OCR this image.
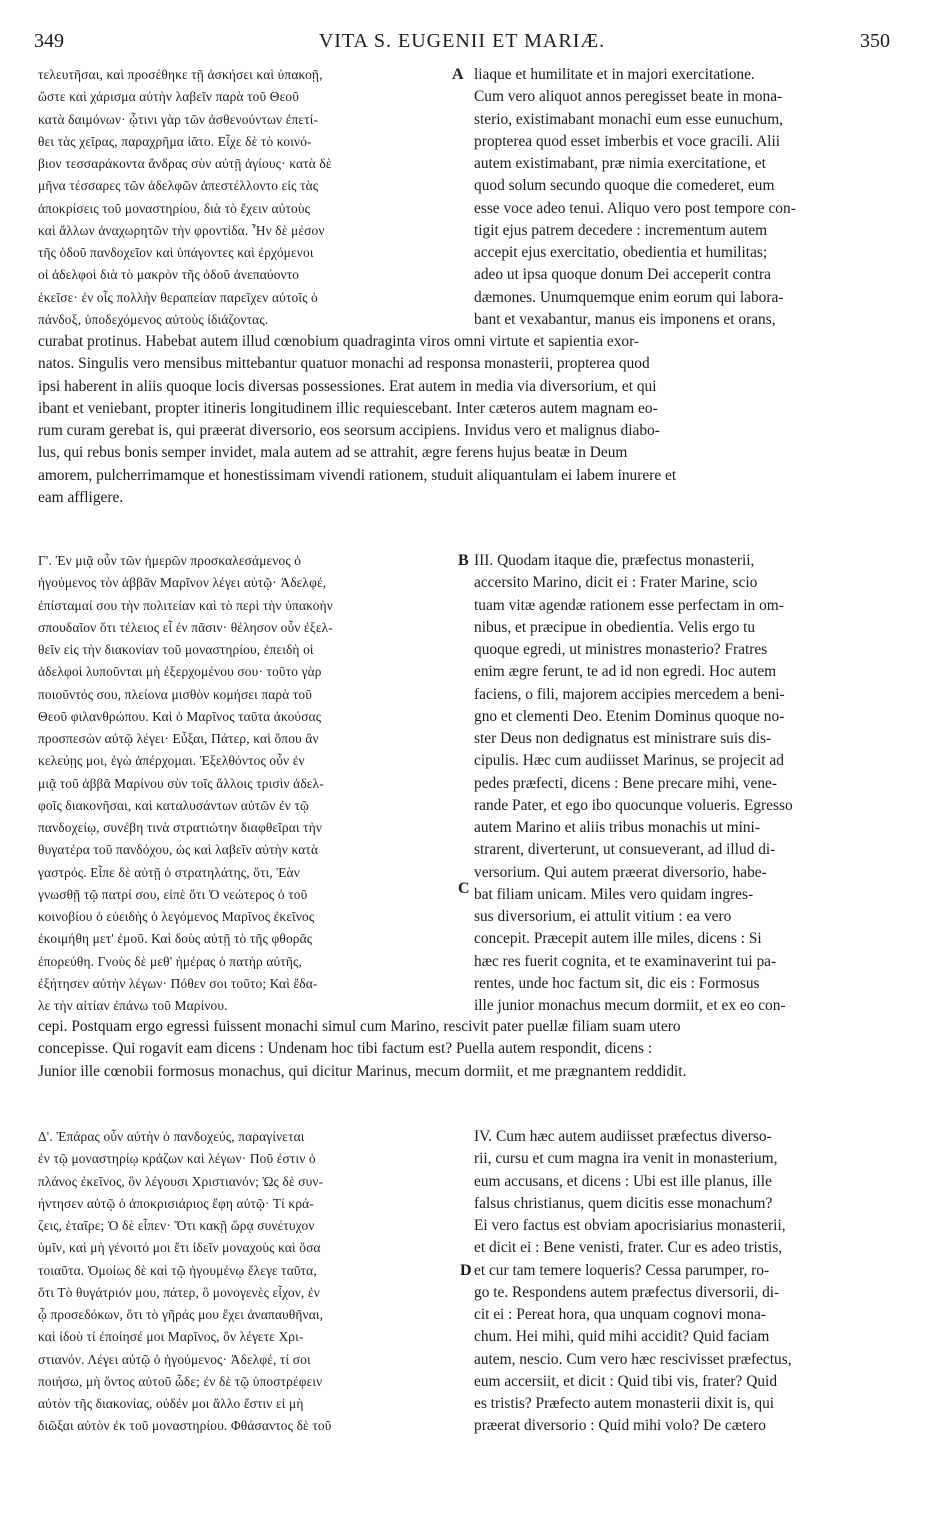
349	VITA S. EUGENII ET MARIÆ.	350
τελευτῆσαι, καὶ προσέθηκε τῇ ἀσκήσει καὶ ὑπακοῇ,
ὥστε καὶ χάρισμα αὐτὴν λαβεῖν παρὰ τοῦ Θεοῦ
κατὰ δαιμόνων· ᾧτινι γὰρ τῶν ἀσθενούντων ἐπετί-
θει τὰς χεῖρας, παραχρῆμα ἰᾶτο. Εἶχε δὲ τὸ κοινό-
βιον τεσσαράκοντα ἄνδρας σὺν αὐτῇ ἁγίους· κατὰ δὲ
μῆνα τέσσαρες τῶν ἀδελφῶν ἀπεστέλλοντο εἰς τὰς
ἀποκρίσεις τοῦ μοναστηρίου, διὰ τὸ ἔχειν αὐτοὺς
καὶ ἄλλων ἀναχωρητῶν τὴν φροντίδα. Ἦν δὲ μέσον
τῆς ὁδοῦ πανδοχεῖον καὶ ὑπάγοντες καὶ ἐρχόμενοι
οἱ ἀδελφοὶ διὰ τὸ μακρὸν τῆς ὁδοῦ ἀνεπαύοντο
ἐκεῖσε· ἐν οἷς πολλὴν θεραπείαν παρεῖχεν αὐτοῖς ὁ
πάνδοξ, ὑποδεχόμενος αὐτοὺς ἰδιάζοντας.
liaque et humilitate et in majori exercitatione.
Cum vero aliquot annos peregisset beate in mona-
sterio, existimabant monachi eum esse eunuchum,
propterea quod esset imberbis et voce gracili. Alii
autem existimabant, præ nimia exercitatione, et
quod solum secundo quoque die comederet, eum
esse voce adeo tenui. Aliquo vero post tempore con-
tigit ejus patrem decedere : incrementum autem
accepit ejus exercitatio, obedientia et humilitas;
adeo ut ipsa quoque donum Dei acceperit contra
dæmones. Unumquemque enim eorum qui labora-
bant et vexabantur, manus eis imponens et orans,
A
curabat protinus. Habebat autem illud cœnobium quadraginta viros omni virtute et sapientia exor-
natos. Singulis vero mensibus mittebantur quatuor monachi ad responsa monasterii, propterea quod
ipsi haberent in aliis quoque locis diversas possessiones. Erat autem in media via diversorium, et qui
ibant et veniebant, propter itineris longitudinem illic requiescebant. Inter cæteros autem magnam eo-
rum curam gerebat is, qui præerat diversorio, eos seorsum accipiens. Invidus vero et malignus diabo-
lus, qui rebus bonis semper invidet, mala autem ad se attrahit, ægre ferens hujus beatæ in Deum
amorem, pulcherrimamque et honestissimam vivendi rationem, studuit aliquantulam ei labem inurere et
eam affligere.
Γ'. Ἐν μιᾷ οὖν τῶν ἡμερῶν προσκαλεσάμενος ὁ
ἡγούμενος τὸν ἀββᾶν Μαρῖνον λέγει αὐτῷ· Ἀδελφέ,
ἐπίσταμαί σου τὴν πολιτείαν καὶ τὸ περὶ τὴν ὑπακοὴν
σπουδαῖον ὅτι τέλειος εἶ ἐν πᾶσιν· θέλησον οὖν ἐξελ-
θεῖν εἰς τὴν διακονίαν τοῦ μοναστηρίου, ἐπειδὴ οἱ
ἀδελφοὶ λυποῦνται μὴ ἐξερχομένου σου· τοῦτο γὰρ
ποιοῦντός σου, πλείονα μισθὸν κομήσει παρὰ τοῦ
Θεοῦ φιλανθρώπου. Καὶ ὁ Μαρῖνος ταῦτα ἀκούσας
προσπεσὼν αὐτῷ λέγει· Εὖξαι, Πάτερ, καὶ ὅπου ἂν
κελεύῃς μοι, ἐγὼ ἀπέρχομαι. Ἐξελθόντος οὖν ἐν
μιᾷ τοῦ ἀββᾶ Μαρίνου σὺν τοῖς ἄλλοις τρισὶν ἀδελ-
φοῖς διακονῆσαι, καὶ καταλυσάντων αὐτῶν ἐν τῷ
πανδοχείῳ, συνέβη τινὰ στρατιώτην διαφθεῖραι τὴν
θυγατέρα τοῦ πανδόχου, ὡς καὶ λαβεῖν αὐτὴν κατὰ
γαστρός. Εἶπε δὲ αὐτῇ ὁ στρατηλάτης, ὅτι, Ἐὰν
γνωσθῇ τῷ πατρί σου, εἰπὲ ὅτι Ὁ νεώτερος ὁ τοῦ
κοινοβίου ὁ εὐειδὴς ὁ λεγόμενος Μαρῖνος ἐκεῖνος
ἐκοιμήθη μετ' ἐμοῦ. Καὶ δοὺς αὐτῇ τὸ τῆς φθορᾶς
ἐπορεύθη. Γνοὺς δὲ μεθ' ἡμέρας ὁ πατὴρ αὐτῆς,
ἐξήτησεν αὐτὴν λέγων· Πόθεν σοι τοῦτο; Καὶ ἔδα-
λε τὴν αἰτίαν ἐπάνω τοῦ Μαρίνου.
III. Quodam itaque die, præfectus monasterii,
accersito Marino, dicit ei : Frater Marine, scio
tuam vitæ agendæ rationem esse perfectam in om-
nibus, et præcipue in obedientia. Velis ergo tu
quoque egredi, ut ministres monasterio? Fratres
enim ægre ferunt, te ad id non egredi. Hoc autem
faciens, o fili, majorem accipies mercedem a beni-
gno et clementi Deo. Etenim Dominus quoque no-
ster Deus non dedignatus est ministrare suis dis-
cipulis. Hæc cum audiisset Marinus, se projecit ad
pedes præfecti, dicens : Bene precare mihi, vene-
rande Pater, et ego ibo quocunque volueris. Egresso
autem Marino et aliis tribus monachis ut mini-
strarent, diverterunt, ut consueverant, ad illud di-
versorium. Qui autem præerat diversorio, habe-
bat filiam unicam. Miles vero quidam ingres-
sus diversorium, ei attulit vitium : ea vero
concepit. Præcepit autem ille miles, dicens : Si
hæc res fuerit cognita, et te examinaverint tui pa-
rentes, unde hoc factum sit, dic eis : Formosus
ille junior monachus mecum dormiit, et ex eo con-
B
C
cepi. Postquam ergo egressi fuissent monachi simul cum Marino, rescivit pater puellæ filiam suam utero
concepisse. Qui rogavit eam dicens : Undenam hoc tibi factum est? Puella autem respondit, dicens :
Junior ille cœnobii formosus monachus, qui dicitur Marinus, mecum dormiit, et me prægnantem reddidit.
Δ'. Ἐπάρας οὖν αὐτὴν ὁ πανδοχεύς, παραγίνεται
ἐν τῷ μοναστηρίῳ κράζων καὶ λέγων· Ποῦ ἐστιν ὁ
πλάνος ἐκεῖνος, ὃν λέγουσι Χριστιανόν; Ὡς δὲ συν-
ήντησεν αὐτῷ ὁ ἀποκρισιάριος ἔφη αὐτῷ· Τί κρά-
ζεις, ἑταῖρε; Ὁ δὲ εἶπεν· Ὅτι κακῇ ὥρᾳ συνέτυχον
ὑμῖν, καὶ μὴ γένοιτό μοι ἔτι ἰδεῖν μοναχοὺς καὶ ὅσα
τοιαῦτα. Ὁμοίως δὲ καὶ τῷ ἡγουμένῳ ἔλεγε ταῦτα,
ὅτι Τὸ θυγάτριόν μου, πάτερ, ὃ μονογενὲς εἶχον, ἐν
ᾧ προσεδόκων, ὅτι τὸ γῆράς μου ἔχει ἀναπαυθῆναι,
καὶ ἰδοὺ τί ἐποίησέ μοι Μαρῖνος, ὃν λέγετε Χρι-
στιανόν. Λέγει αὐτῷ ὁ ἡγούμενος· Ἀδελφέ, τί σοι
ποιήσω, μὴ ὄντος αὐτοῦ ὧδε; ἐν δὲ τῷ ὑποστρέφειν
αὐτὸν τῆς διακονίας, οὐδέν μοι ἄλλο ἔστιν εἰ μὴ
διῶξαι αὐτὸν ἐκ τοῦ μοναστηρίου. Φθάσαντος δὲ τοῦ
IV. Cum hæc autem audiisset præfectus diverso-
rii, cursu et cum magna ira venit in monasterium,
eum accusans, et dicens : Ubi est ille planus, ille
falsus christianus, quem dicitis esse monachum?
Ei vero factus est obviam apocrisiarius monasterii,
et dicit ei : Bene venisti, frater. Cur es adeo tristis,
et cur tam temere loqueris? Cessa parumper, ro-
go te. Respondens autem præfectus diversorii, di-
cit ei : Pereat hora, qua unquam cognovi mona-
chum. Hei mihi, quid mihi accidit? Quid faciam
autem, nescio. Cum vero hæc rescivisset præfectus,
eum accersiit, et dicit : Quid tibi vis, frater? Quid
es tristis? Præfecto autem monasterii dixit is, qui
præerat diversorio : Quid mihi volo? De cætero
D
